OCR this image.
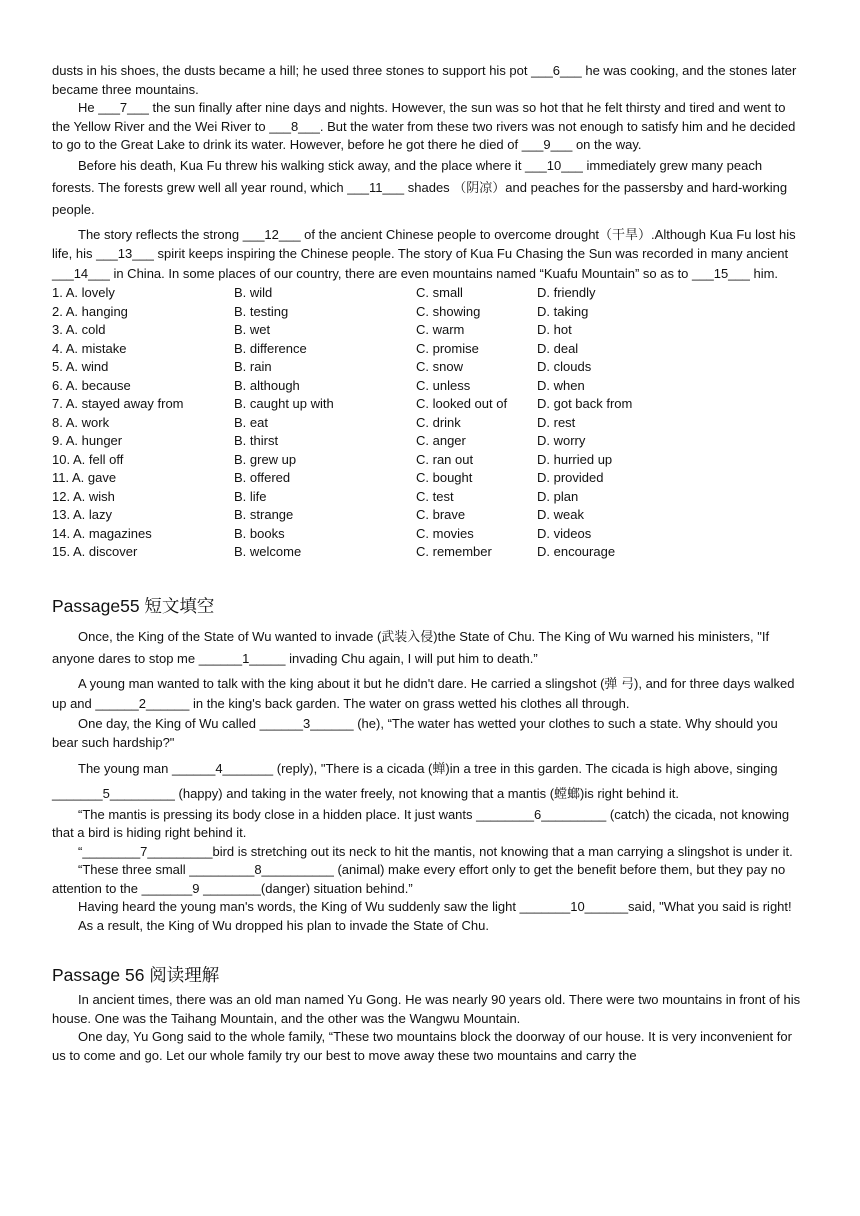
dusts in his shoes, the dusts became a hill; he used three stones to support his pot ___6___ he was cooking, and the stones later became three mountains.

He ___7___ the sun finally after nine days and nights. However, the sun was so hot that he felt thirsty and tired and went to the Yellow River and the Wei River to ___8___. But the water from these two rivers was not enough to satisfy him and he decided to go to the Great Lake to drink its water. However, before he got there he died of ___9___ on the way.

Before his death, Kua Fu threw his walking stick away, and the place where it ___10___ immediately grew many peach forests. The forests grew well all year round, which ___11___ shades （阴凉）and peaches for the passersby and hard-working people.

The story reflects the strong ___12___ of the ancient Chinese people to overcome drought（干旱）.Although Kua Fu lost his life, his ___13___ spirit keeps inspiring the Chinese people. The story of Kua Fu Chasing the Sun was recorded in many ancient ___14___ in China. In some places of our country, there are even mountains named “Kuafu Mountain” so as to ___15___ him.

1. A. lovely	B. wild	C. small	D. friendly
2. A. hanging	B. testing	C. showing	D. taking
3. A. cold	B. wet	C. warm	D. hot
4. A. mistake	B. difference	C. promise	D. deal
5. A. wind	B. rain	C. snow	D. clouds
6. A. because	B. although	C. unless	D. when
7. A. stayed away from	B. caught up with	C. looked out of	D. got back from
8. A. work	B. eat	C. drink	D. rest
9. A. hunger	B. thirst	C. anger	D. worry
10. A. fell off	B. grew up	C. ran out	D. hurried up
11. A. gave	B. offered	C. bought	D. provided
12. A. wish	B. life	C. test	D. plan
13. A. lazy	B. strange	C. brave	D. weak
14. A. magazines	B. books	C. movies	D. videos
15. A. discover	B. welcome	C. remember	D. encourage
Passage55 短文填空

Once, the King of the State of Wu wanted to invade (武装入侵)the State of Chu. The King of Wu warned his ministers, "If anyone dares to stop me ______1_____ invading Chu again, I will put him to death.”

A young man wanted to talk with the king about it but he didn't dare. He carried a slingshot (弹 弓), and for three days walked up and ______2______ in the king's back garden. The water on grass wetted his clothes all through.

One day, the King of Wu called ______3______ (he), “The water has wetted your clothes to such a state. Why should you bear such hardship?"

The young man ______4_______ (reply), "There is a cicada (蝉)in a tree in this garden. The cicada is high above, singing _______5_________ (happy) and taking in the water freely, not knowing that a mantis (螳螂)is right behind it.

“The mantis is pressing its body close in a hidden place. It just wants ________6_________ (catch) the cicada, not knowing that a bird is hiding right behind it.

“________7_________bird is stretching out its neck to hit the mantis, not knowing that a man carrying a slingshot is under it.

“These three small _________8__________ (animal) make every effort only to get the benefit before them, but they pay no attention to the _______9 ________(danger) situation behind.”

Having heard the young man's words, the King of Wu suddenly saw the light _______10______said, "What you said is right!

As a result, the King of Wu dropped his plan to invade the State of Chu.

Passage 56 阅读理解

In ancient times, there was an old man named Yu Gong. He was nearly 90 years old. There were two mountains in front of his house. One was the Taihang Mountain, and the other was the Wangwu Mountain.

One day, Yu Gong said to the whole family, “These two mountains block the doorway of our house. It is very inconvenient for us to come and go. Let our whole family try our best to move away these two mountains and carry the
